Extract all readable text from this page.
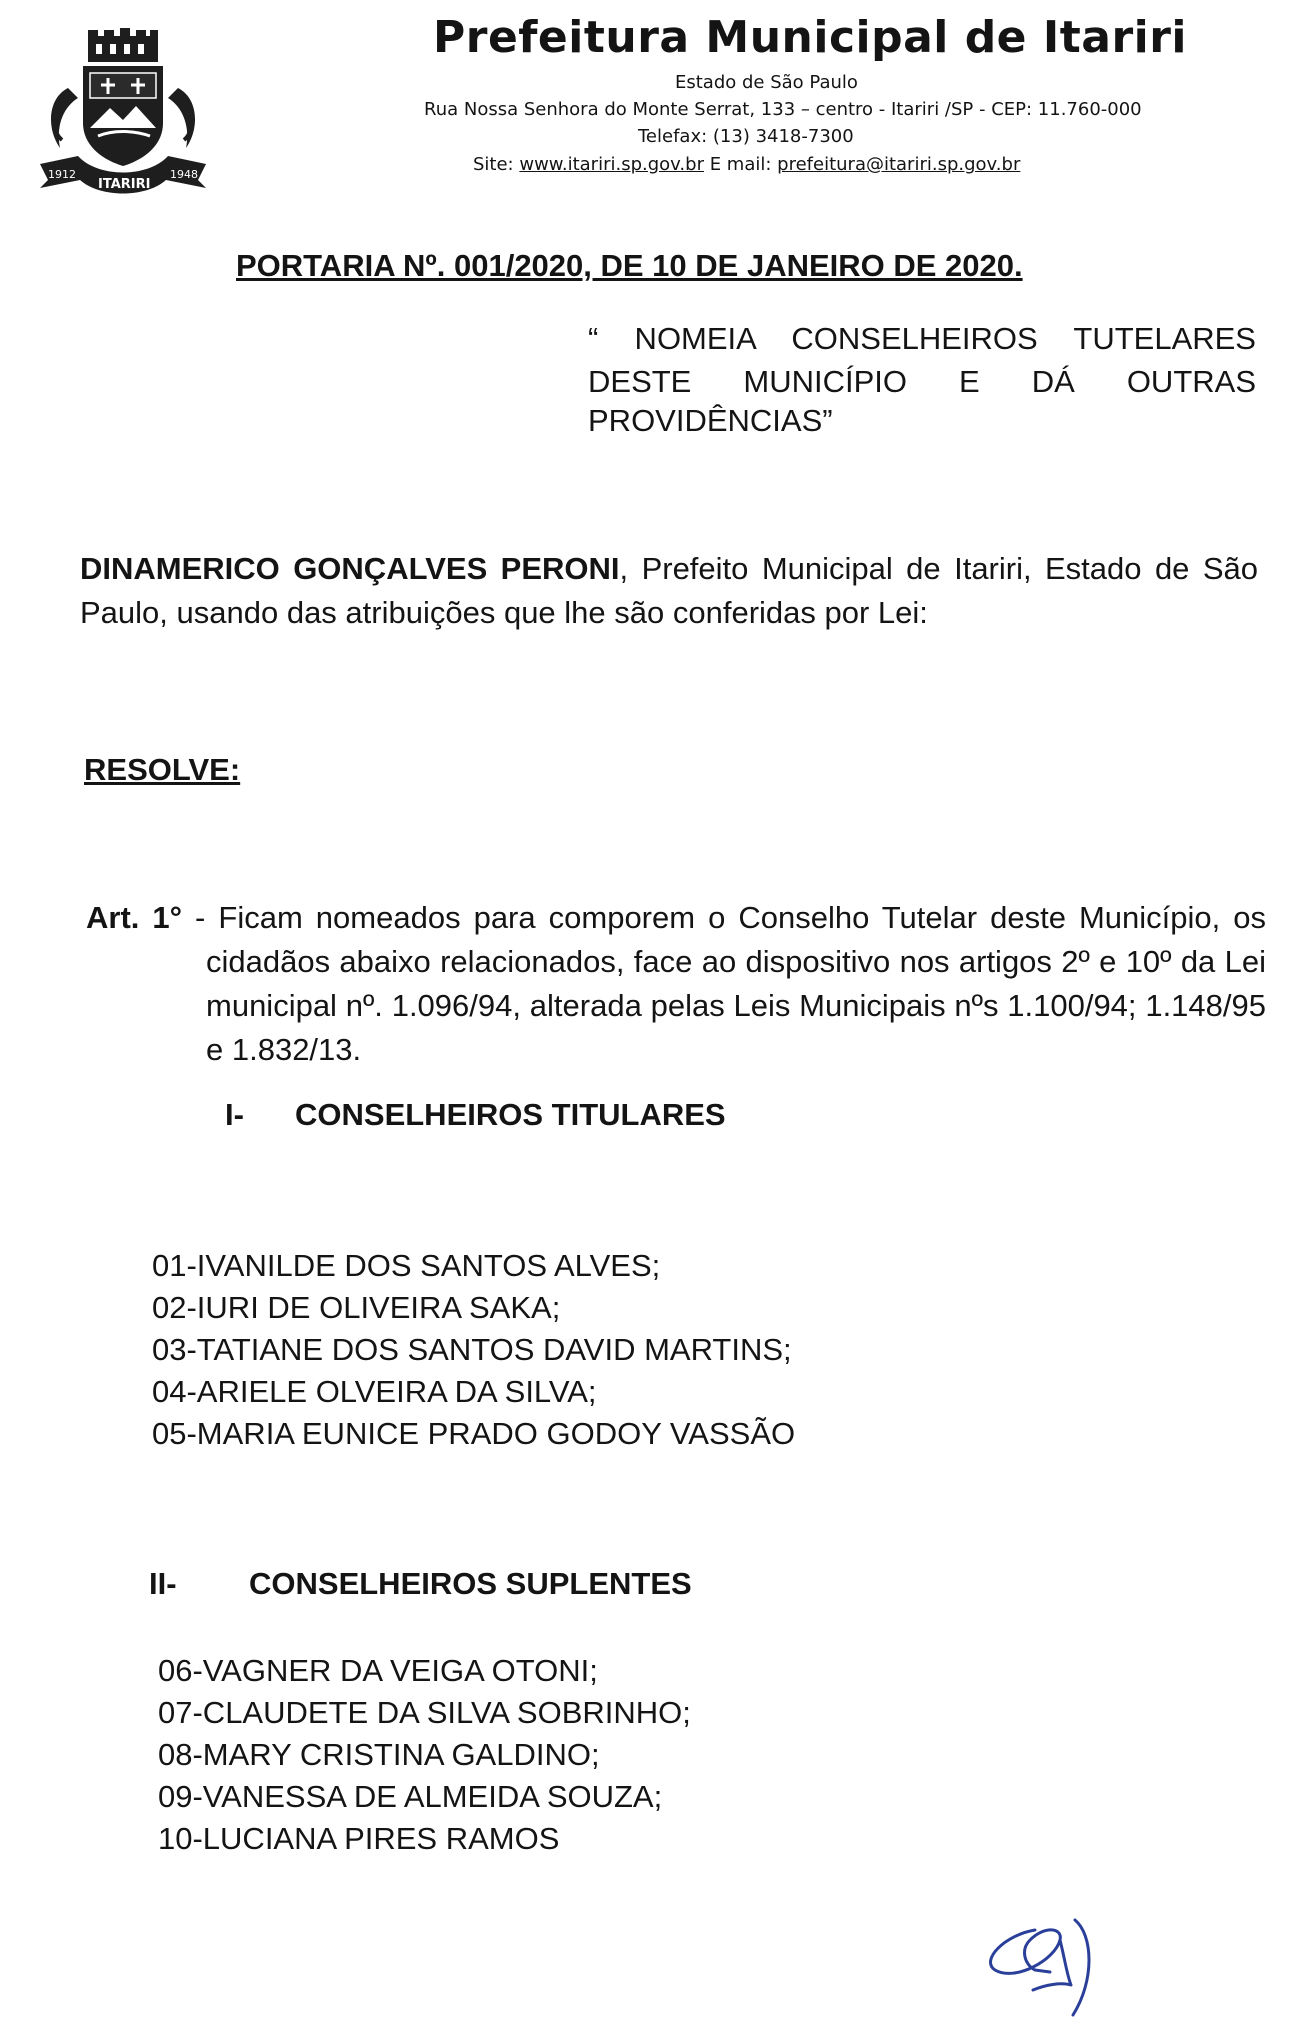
1912	1948
ITARIRI
Prefeitura Municipal de Itariri
Estado de São Paulo
Rua Nossa Senhora do Monte Serrat, 133 – centro - Itariri /SP - CEP: 11.760-000
Telefax: (13) 3418-7300
Site: www.itariri.sp.gov.br E mail: prefeitura@itariri.sp.gov.br
PORTARIA Nº. 001/2020, DE 10 DE JANEIRO DE 2020.
“ NOMEIA CONSELHEIROS TUTELARES
DESTE MUNICÍPIO E DÁ OUTRAS
PROVIDÊNCIAS”
DINAMERICO GONÇALVES PERONI, Prefeito Municipal de Itariri, Estado de São Paulo, usando das atribuições que lhe são conferidas por Lei:
RESOLVE:
Art. 1° - Ficam nomeados para comporem o Conselho Tutelar deste Município, os cidadãos abaixo relacionados, face ao dispositivo nos artigos 2º e 10º da Lei municipal nº. 1.096/94, alterada pelas Leis Municipais nºs 1.100/94; 1.148/95 e 1.832/13.
I- CONSELHEIROS TITULARES
01-IVANILDE DOS SANTOS ALVES;
02-IURI DE OLIVEIRA SAKA;
03-TATIANE DOS SANTOS DAVID MARTINS;
04-ARIELE OLVEIRA DA SILVA;
05-MARIA EUNICE PRADO GODOY VASSÃO
II- CONSELHEIROS SUPLENTES
06-VAGNER DA VEIGA OTONI;
07-CLAUDETE DA SILVA SOBRINHO;
08-MARY CRISTINA GALDINO;
09-VANESSA DE ALMEIDA SOUZA;
10-LUCIANA PIRES RAMOS
